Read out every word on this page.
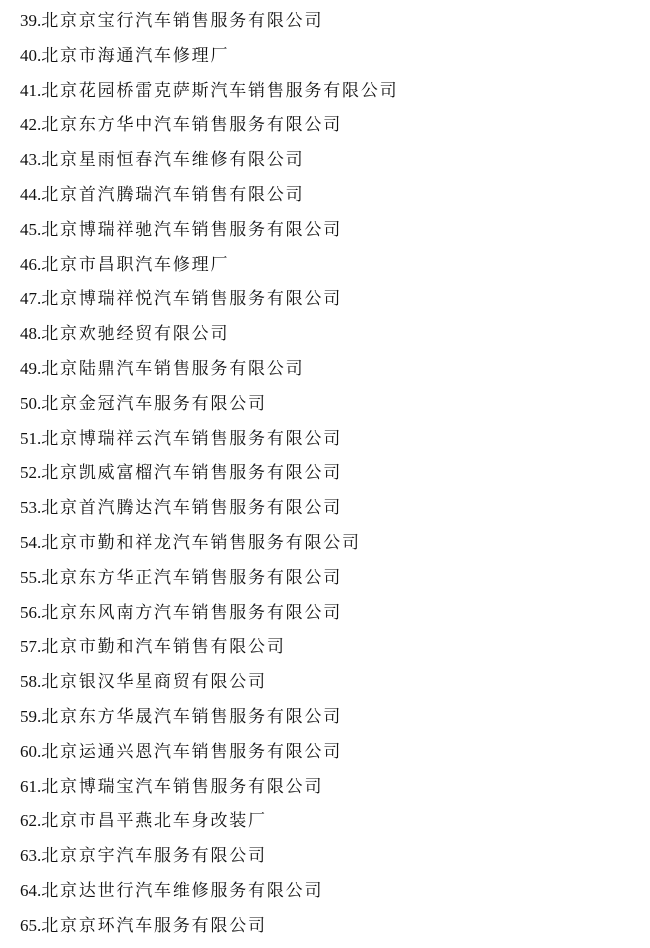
39.北京京宝行汽车销售服务有限公司
40.北京市海通汽车修理厂
41.北京花园桥雷克萨斯汽车销售服务有限公司
42.北京东方华中汽车销售服务有限公司
43.北京星雨恒春汽车维修有限公司
44.北京首汽腾瑞汽车销售有限公司
45.北京博瑞祥驰汽车销售服务有限公司
46.北京市昌职汽车修理厂
47.北京博瑞祥悦汽车销售服务有限公司
48.北京欢驰经贸有限公司
49.北京陆鼎汽车销售服务有限公司
50.北京金冠汽车服务有限公司
51.北京博瑞祥云汽车销售服务有限公司
52.北京凯威富榴汽车销售服务有限公司
53.北京首汽腾达汽车销售服务有限公司
54.北京市勤和祥龙汽车销售服务有限公司
55.北京东方华正汽车销售服务有限公司
56.北京东风南方汽车销售服务有限公司
57.北京市勤和汽车销售有限公司
58.北京银汉华星商贸有限公司
59.北京东方华晟汽车销售服务有限公司
60.北京运通兴恩汽车销售服务有限公司
61.北京博瑞宝汽车销售服务有限公司
62.北京市昌平燕北车身改装厂
63.北京京宇汽车服务有限公司
64.北京达世行汽车维修服务有限公司
65.北京京环汽车服务有限公司
